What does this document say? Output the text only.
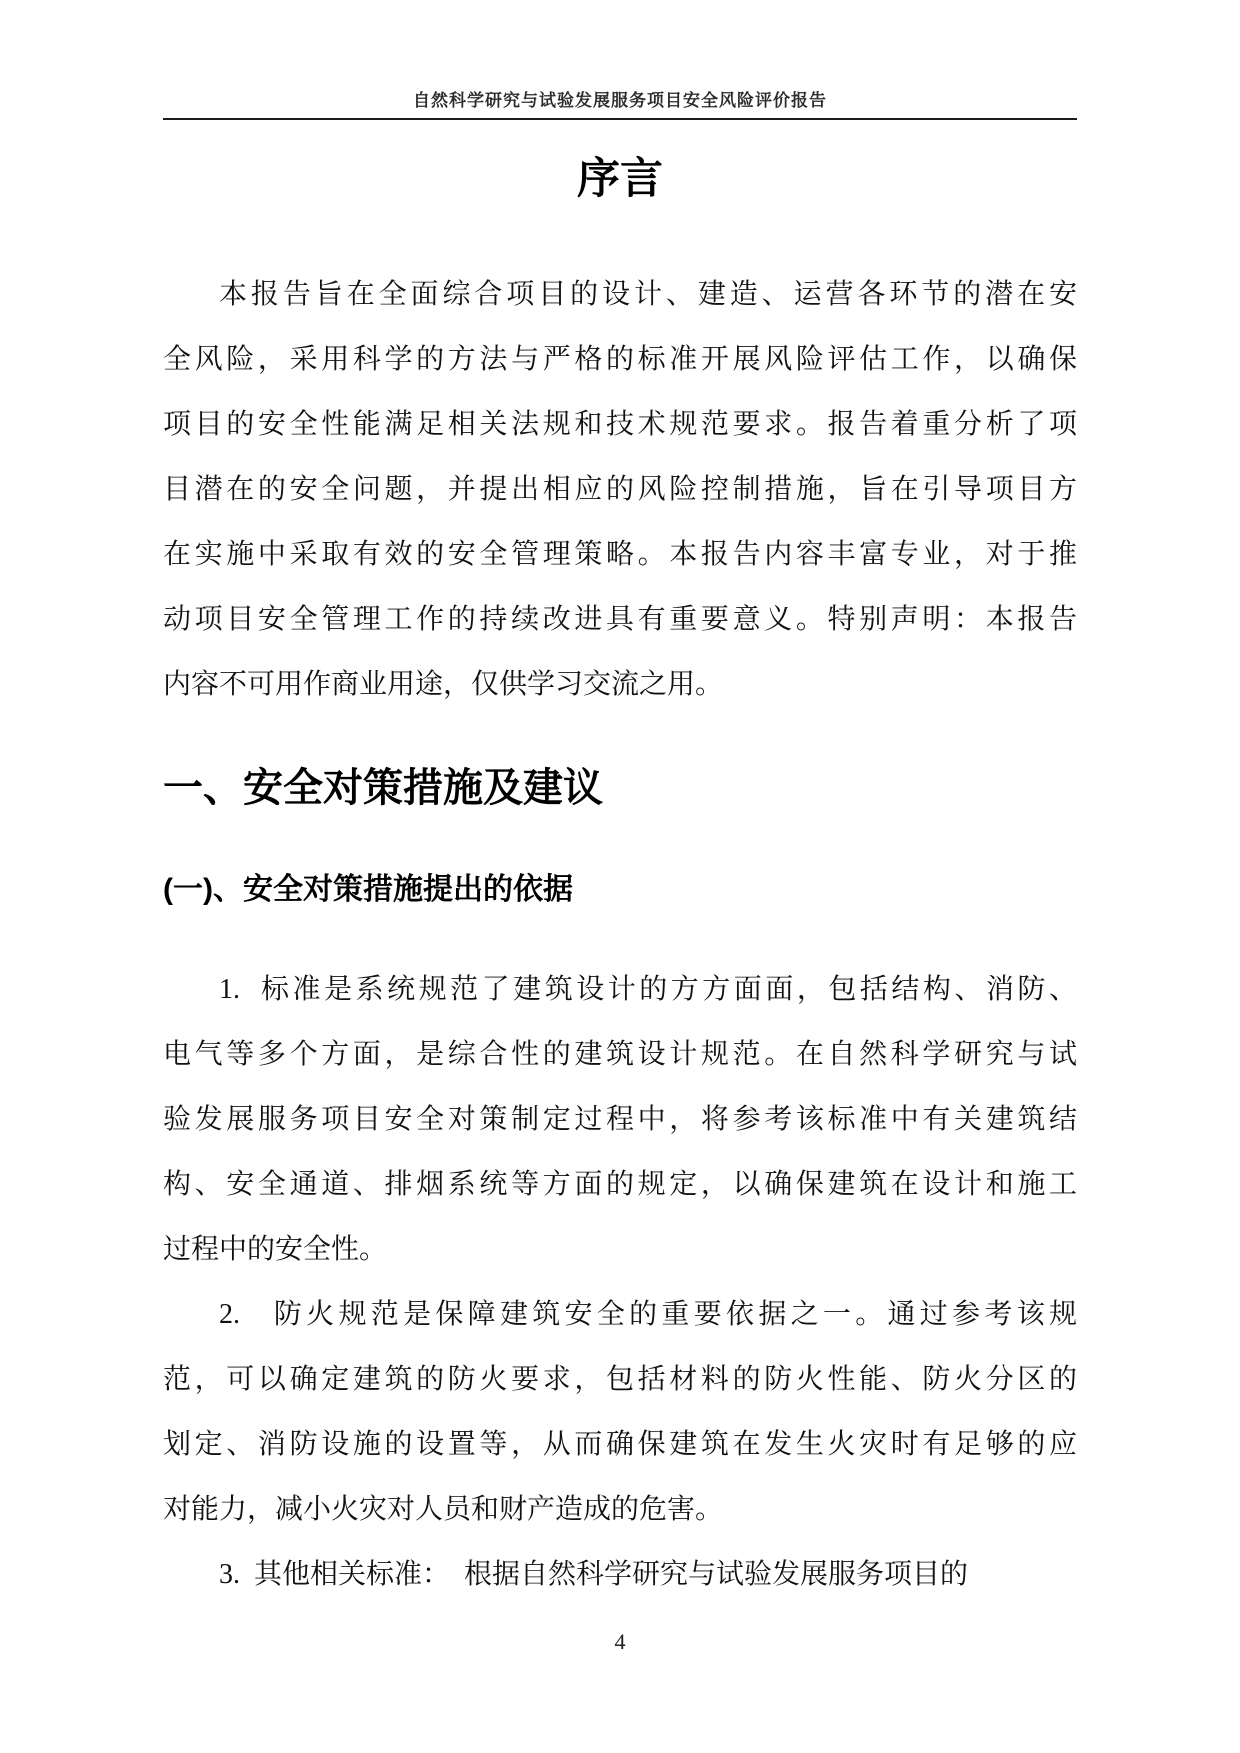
自然科学研究与试验发展服务项目安全风险评价报告
序言
本报告旨在全面综合项目的设计、建造、运营各环节的潜在安
全风险，采用科学的方法与严格的标准开展风险评估工作，以确保
项目的安全性能满足相关法规和技术规范要求。报告着重分析了项
目潜在的安全问题，并提出相应的风险控制措施，旨在引导项目方
在实施中采取有效的安全管理策略。本报告内容丰富专业，对于推
动项目安全管理工作的持续改进具有重要意义。特别声明：本报告
内容不可用作商业用途，仅供学习交流之用。
一、安全对策措施及建议
(一)、安全对策措施提出的依据
1.  标准是系统规范了建筑设计的方方面面，包括结构、消防、
电气等多个方面，是综合性的建筑设计规范。在自然科学研究与试
验发展服务项目安全对策制定过程中，将参考该标准中有关建筑结
构、安全通道、排烟系统等方面的规定，以确保建筑在设计和施工
过程中的安全性。
2.   防火规范是保障建筑安全的重要依据之一。通过参考该规
范，可以确定建筑的防火要求，包括材料的防火性能、防火分区的
划定、消防设施的设置等，从而确保建筑在发生火灾时有足够的应
对能力，减小火灾对人员和财产造成的危害。
3.  其他相关标准：  根据自然科学研究与试验发展服务项目的
4
